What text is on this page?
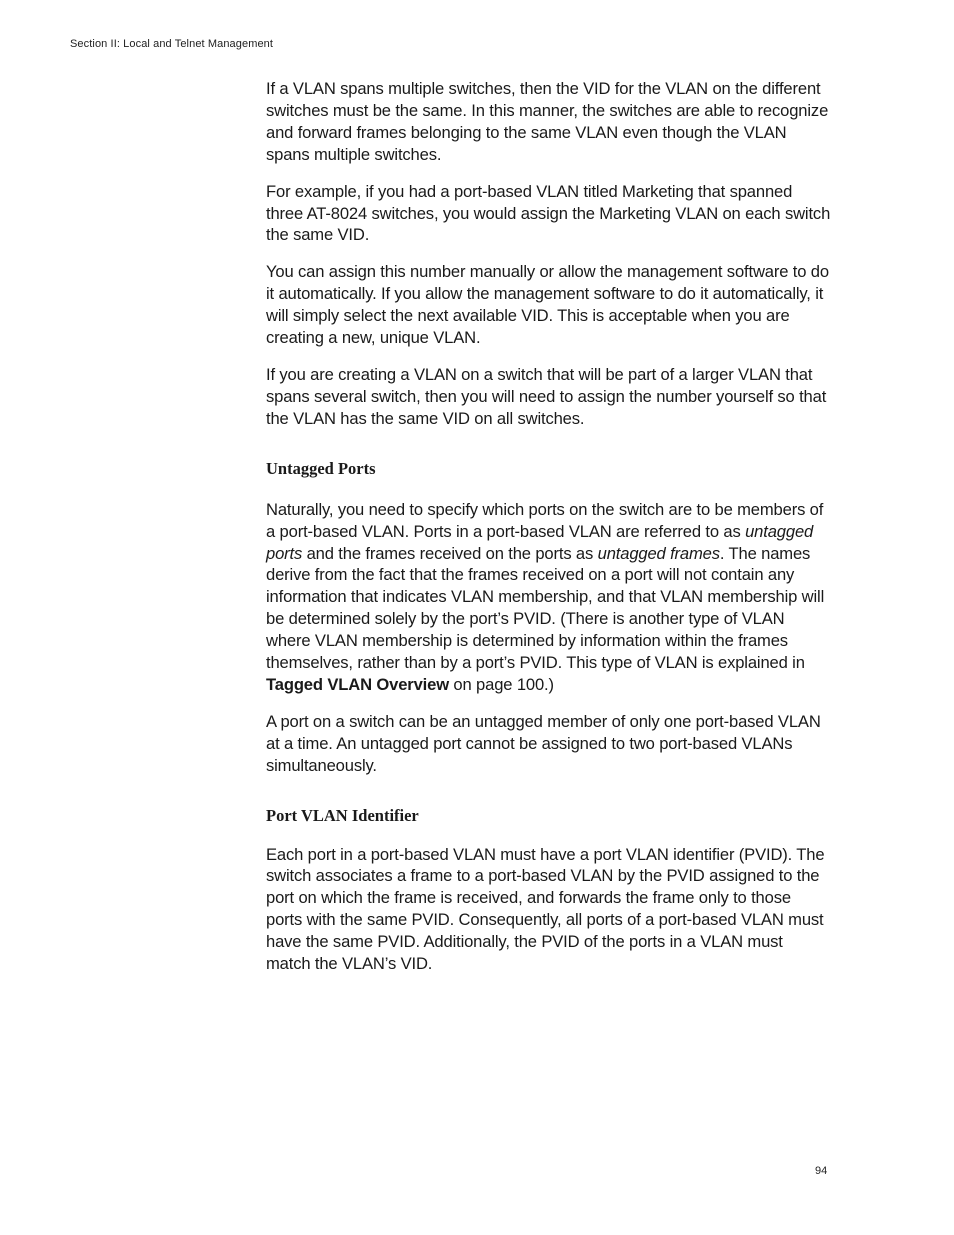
Section II: Local and Telnet Management

If a VLAN spans multiple switches, then the VID for the VLAN on the different switches must be the same. In this manner, the switches are able to recognize and forward frames belonging to the same VLAN even though the VLAN spans multiple switches.

For example, if you had a port-based VLAN titled Marketing that spanned three AT-8024 switches, you would assign the Marketing VLAN on each switch the same VID.

You can assign this number manually or allow the management software to do it automatically. If you allow the management software to do it automatically, it will simply select the next available VID. This is acceptable when you are creating a new, unique VLAN.

If you are creating a VLAN on a switch that will be part of a larger VLAN that spans several switch, then you will need to assign the number yourself so that the VLAN has the same VID on all switches.

Untagged Ports

Naturally, you need to specify which ports on the switch are to be members of a port-based VLAN. Ports in a port-based VLAN are referred to as untagged ports and the frames received on the ports as untagged frames. The names derive from the fact that the frames received on a port will not contain any information that indicates VLAN membership, and that VLAN membership will be determined solely by the port’s PVID. (There is another type of VLAN where VLAN membership is determined by information within the frames themselves, rather than by a port’s PVID. This type of VLAN is explained in Tagged VLAN Overview on page 100.)

A port on a switch can be an untagged member of only one port-based VLAN at a time. An untagged port cannot be assigned to two port-based VLANs simultaneously.

Port VLAN Identifier

Each port in a port-based VLAN must have a port VLAN identifier (PVID). The switch associates a frame to a port-based VLAN by the PVID assigned to the port on which the frame is received, and forwards the frame only to those ports with the same PVID. Consequently, all ports of a port-based VLAN must have the same PVID. Additionally, the PVID of the ports in a VLAN must match the VLAN’s VID.

94
